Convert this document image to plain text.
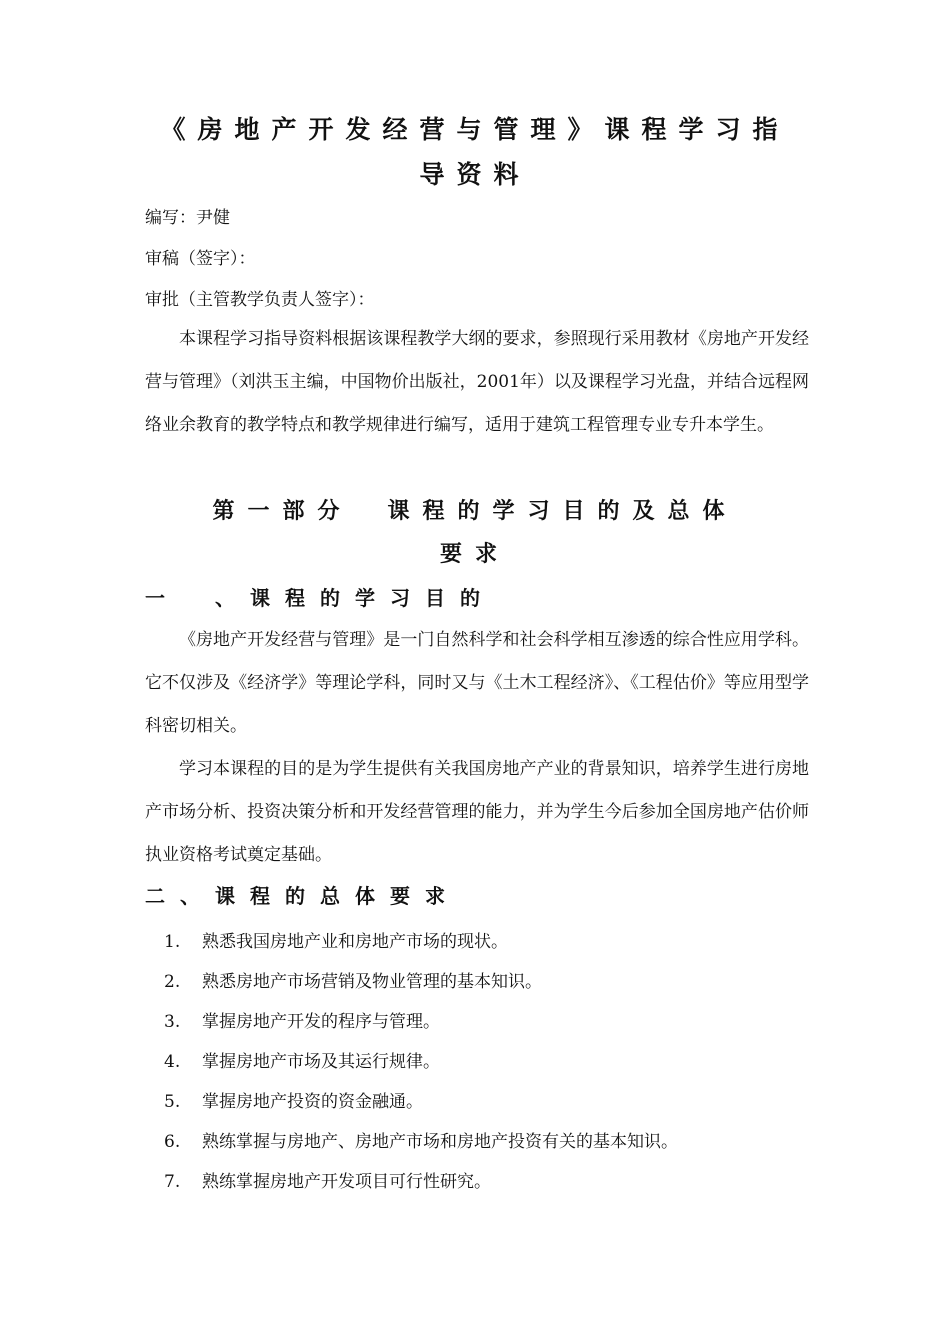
《房地产开发经营与管理》课程学习指
导资料
编写：尹健
审稿（签字）：
审批（主管教学负责人签字）：

本课程学习指导资料根据该课程教学大纲的要求，参照现行采用教材《房地产开发经营与管理》（刘洪玉主编，中国物价出版社，2001年）以及课程学习光盘，并结合远程网络业余教育的教学特点和教学规律进行编写，适用于建筑工程管理专业专升本学生。

第一部分　课程的学习目的及总体
要求
一　、课程的学习目的

《房地产开发经营与管理》是一门自然科学和社会科学相互渗透的综合性应用学科。它不仅涉及《经济学》等理论学科，同时又与《土木工程经济》、《工程估价》等应用型学科密切相关。

学习本课程的目的是为学生提供有关我国房地产产业的背景知识，培养学生进行房地产市场分析、投资决策分析和开发经营管理的能力，并为学生今后参加全国房地产估价师执业资格考试奠定基础。

二、课程的总体要求
1. 熟悉我国房地产业和房地产市场的现状。
2. 熟悉房地产市场营销及物业管理的基本知识。
3. 掌握房地产开发的程序与管理。
4. 掌握房地产市场及其运行规律。
5. 掌握房地产投资的资金融通。
6. 熟练掌握与房地产、房地产市场和房地产投资有关的基本知识。
7. 熟练掌握房地产开发项目可行性研究。
